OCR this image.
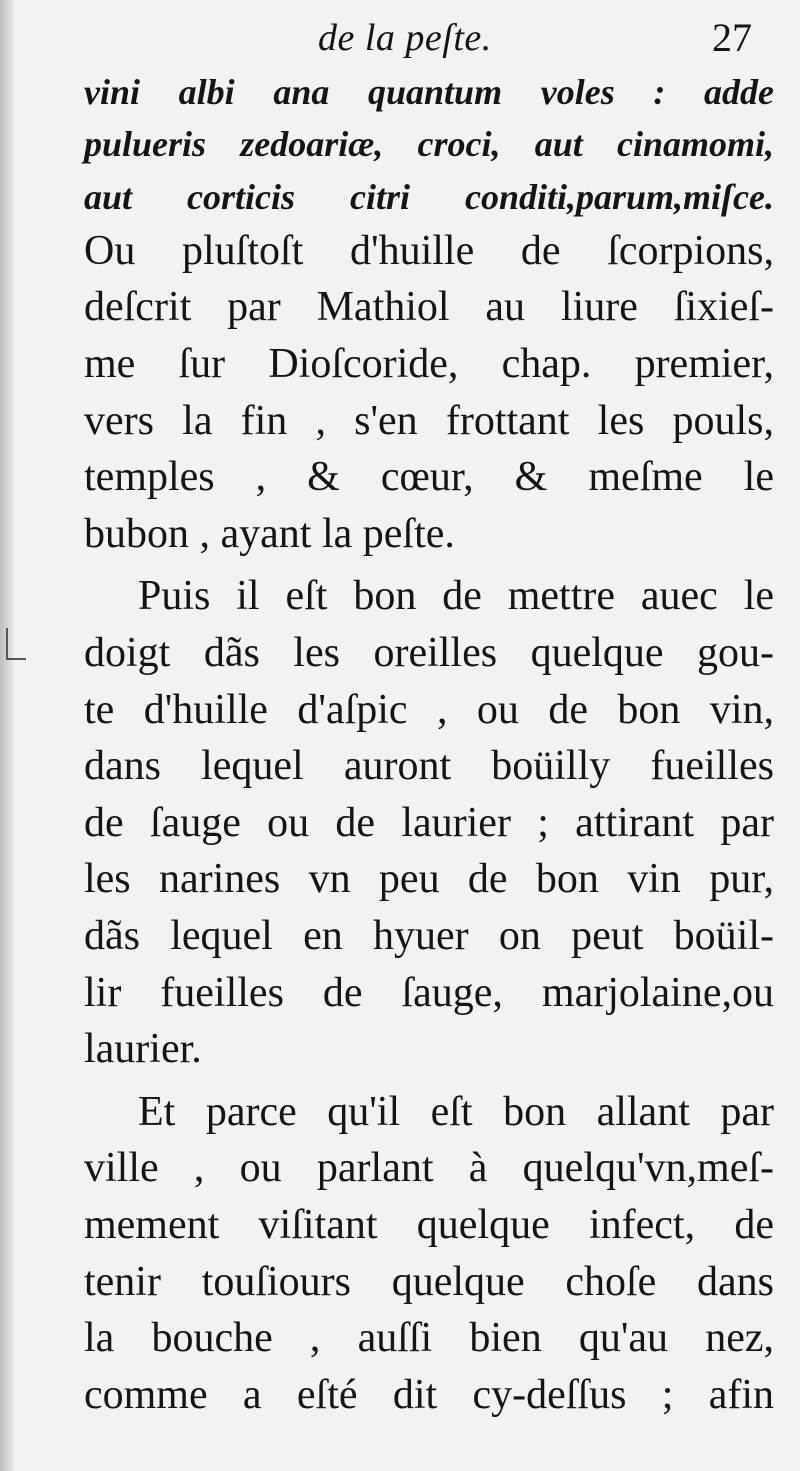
de la peſte.	27
vini albi ana quantum voles : adde
pulueris zedoariæ, croci, aut cinamomi,
aut corticis citri conditi,parum,miſce.
Ou pluſtoſt d'huille de ſcorpions,
deſcrit par Mathiol au liure ſixieſ-
me ſur Dioſcoride, chap. premier,
vers la fin , s'en frottant les pouls,
temples , & cœur, & meſme le
bubon , ayant la peſte.
Puis il eſt bon de mettre auec le
doigt dãs les oreilles quelque gou-
te d'huille d'aſpic , ou de bon vin,
dans lequel auront boüilly fueilles
de ſauge ou de laurier ; attirant par
les narines vn peu de bon vin pur,
dãs lequel en hyuer on peut boüil-
lir fueilles de ſauge, marjolaine,ou
laurier.
Et parce qu'il eſt bon allant par
ville , ou parlant à quelqu'vn,meſ-
mement viſitant quelque infect, de
tenir touſiours quelque choſe dans
la bouche , auſſi bien qu'au nez,
comme a eſté dit cy-deſſus ; afin
